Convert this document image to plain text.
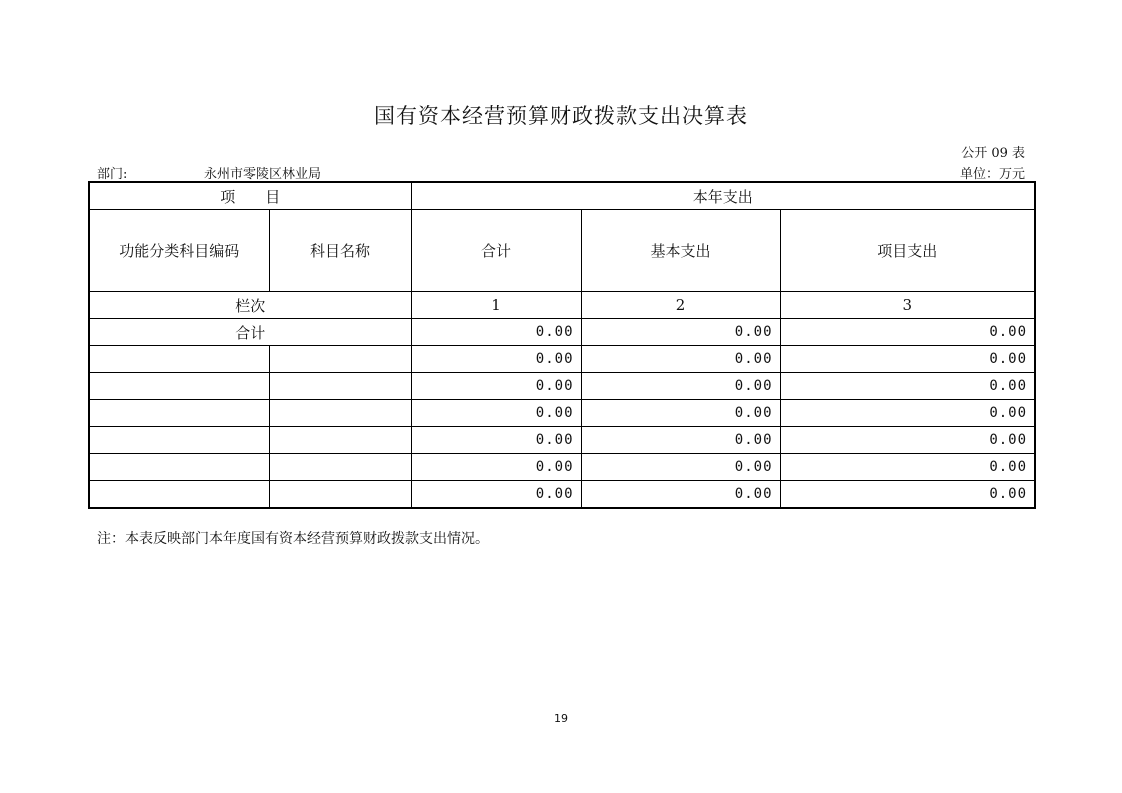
国有资本经营预算财政拨款支出决算表
公开 09 表
部门:	永州市零陵区林业局	单位：万元
项　　目		本年支出		
功能分类科目编码	科目名称	合计	基本支出	项目支出
栏次		1	2	3
合计		0.00	0.00	0.00
		0.00	0.00	0.00
		0.00	0.00	0.00
		0.00	0.00	0.00
		0.00	0.00	0.00
		0.00	0.00	0.00
		0.00	0.00	0.00
注：本表反映部门本年度国有资本经营预算财政拨款支出情况。
19
